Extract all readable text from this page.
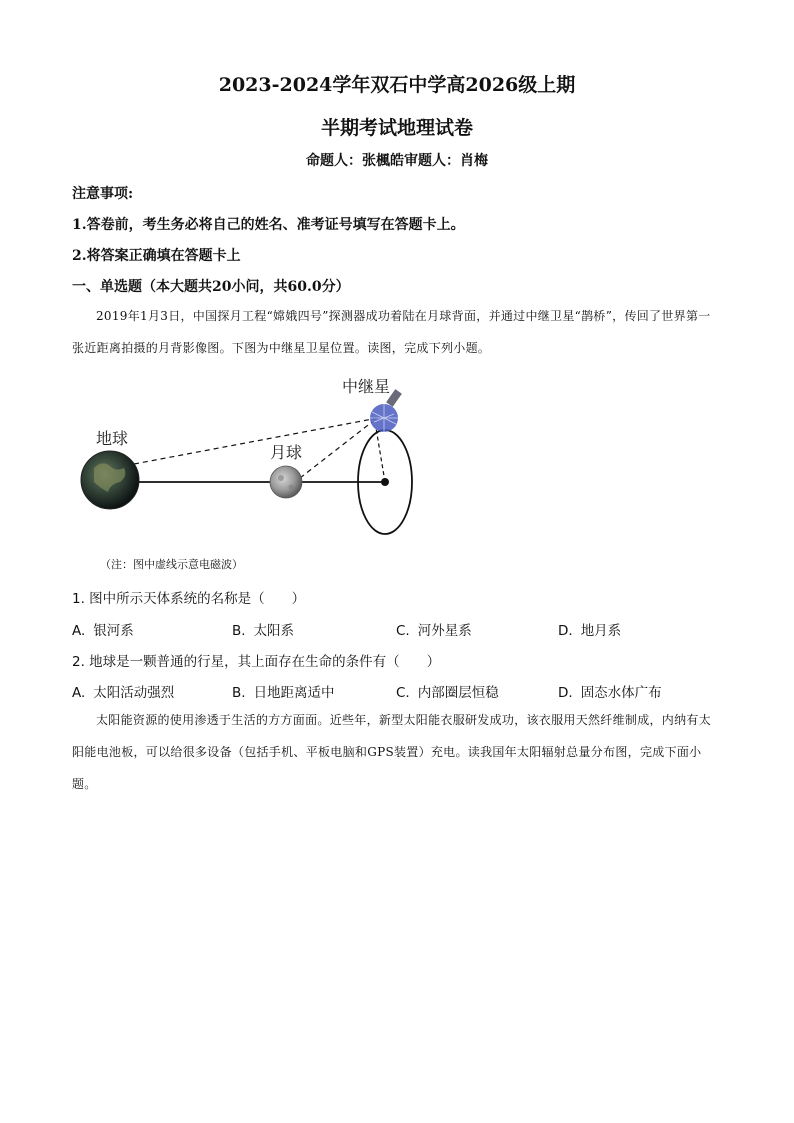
2023-2024学年双石中学高2026级上期
半期考试地理试卷
命题人：张楓皓审题人：肖梅
注意事项:
1.答卷前，考生务必将自己的姓名、准考证号填写在答题卡上。
2.将答案正确填在答题卡上
一、单选题（本大题共20小问，共60.0分）
2019年1月3日，中国探月工程“嫦娥四号”探测器成功着陆在月球背面，并通过中继卫星“鹊桥”，传回了世界第一张近距离拍摄的月背影像图。下图为中继星卫星位置。读图，完成下列小题。
地球
月球
中继星
（注：图中虚线示意电磁波）
1. 图中所示天体系统的名称是（　　）
A. 银河系	B. 太阳系	C. 河外星系	D. 地月系
2. 地球是一颗普通的行星，其上面存在生命的条件有（　　）
A. 太阳活动强烈	B. 日地距离适中	C. 内部圈层恒稳	D. 固态水体广布
太阳能资源的使用渗透于生活的方方面面。近些年，新型太阳能衣服研发成功，该衣服用天然纤维制成，内纳有太阳能电池板，可以给很多设备（包括手机、平板电脑和GPS装置）充电。读我国年太阳辐射总量分布图，完成下面小题。
